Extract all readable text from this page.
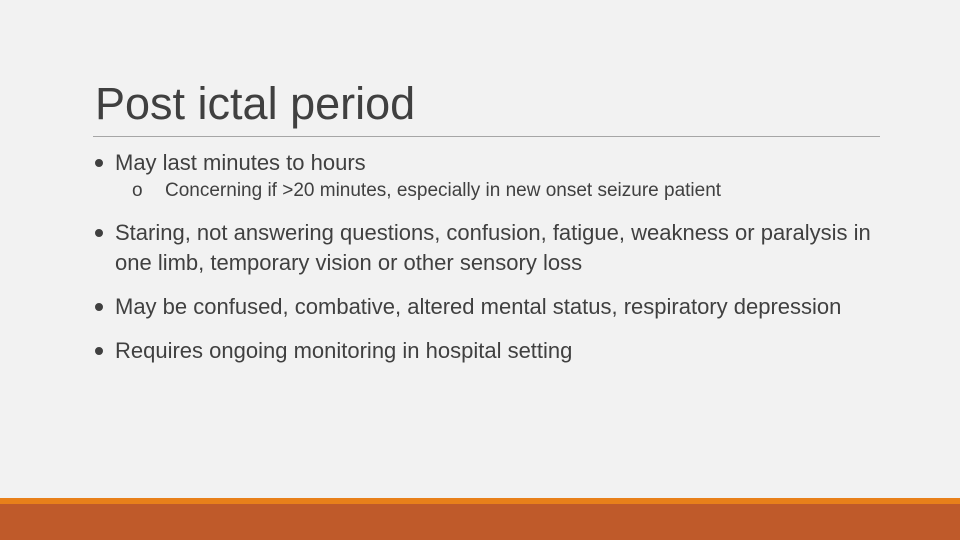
Post ictal period
May last minutes to hours
o Concerning if >20 minutes, especially in new onset seizure patient
Staring, not answering questions, confusion, fatigue, weakness or paralysis in one limb, temporary vision or other sensory loss
May be confused, combative, altered mental status, respiratory depression
Requires ongoing monitoring in hospital setting
